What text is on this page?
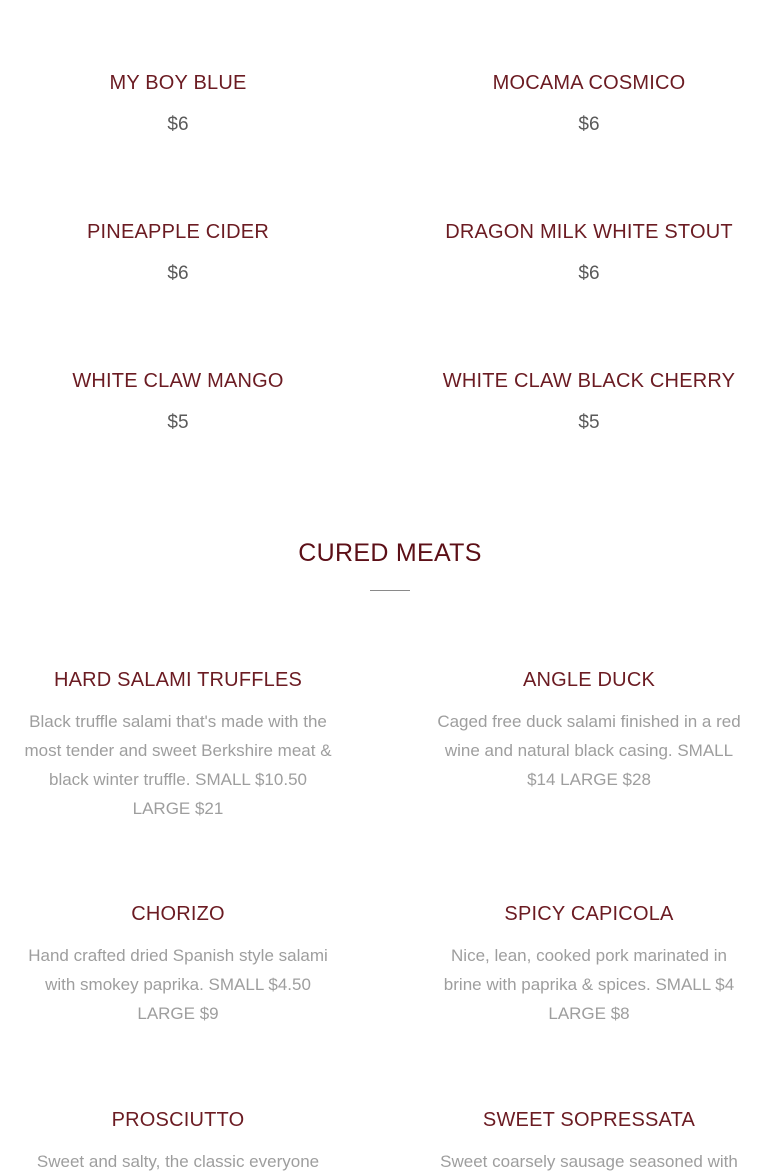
MY BOY BLUE
$6
MOCAMA COSMICO
$6
PINEAPPLE CIDER
$6
DRAGON MILK WHITE STOUT
$6
WHITE CLAW MANGO
$5
WHITE CLAW BLACK CHERRY
$5
CURED MEATS
HARD SALAMI TRUFFLES
Black truffle salami that's made with the most tender and sweet Berkshire meat & black winter truffle. SMALL $10.50 LARGE $21
ANGLE DUCK
Caged free duck salami finished in a red wine and natural black casing. SMALL $14 LARGE $28
CHORIZO
Hand crafted dried Spanish style salami with smokey paprika. SMALL $4.50 LARGE $9
SPICY CAPICOLA
Nice, lean, cooked pork marinated in brine with paprika & spices. SMALL $4 LARGE $8
PROSCIUTTO
Sweet and salty, the classic everyone
SWEET SOPRESSATA
Sweet coarsely sausage seasoned with
